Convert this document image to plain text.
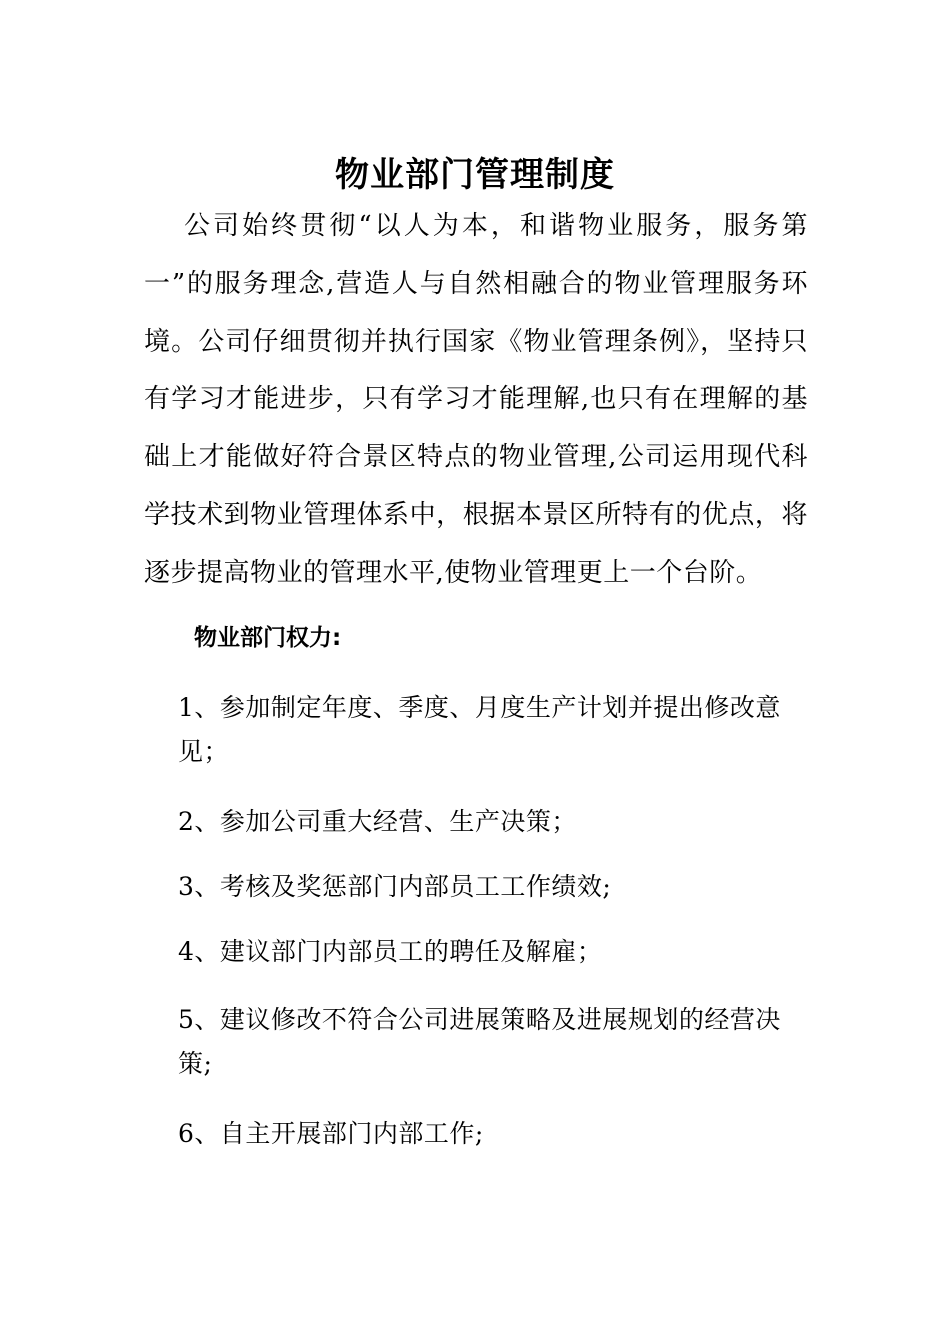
物业部门管理制度

公司始终贯彻“以人为本，和谐物业服务，服务第一”的服务理念,营造人与自然相融合的物业管理服务环境。公司仔细贯彻并执行国家《物业管理条例》，坚持只有学习才能进步，只有学习才能理解,也只有在理解的基础上才能做好符合景区特点的物业管理,公司运用现代科学技术到物业管理体系中，根据本景区所特有的优点，将逐步提高物业的管理水平,使物业管理更上一个台阶。

物业部门权力:

1、参加制定年度、季度、月度生产计划并提出修改意见；

2、参加公司重大经营、生产决策；

3、考核及奖惩部门内部员工工作绩效;

4、建议部门内部员工的聘任及解雇；

5、建议修改不符合公司进展策略及进展规划的经营决策;

6、自主开展部门内部工作;
